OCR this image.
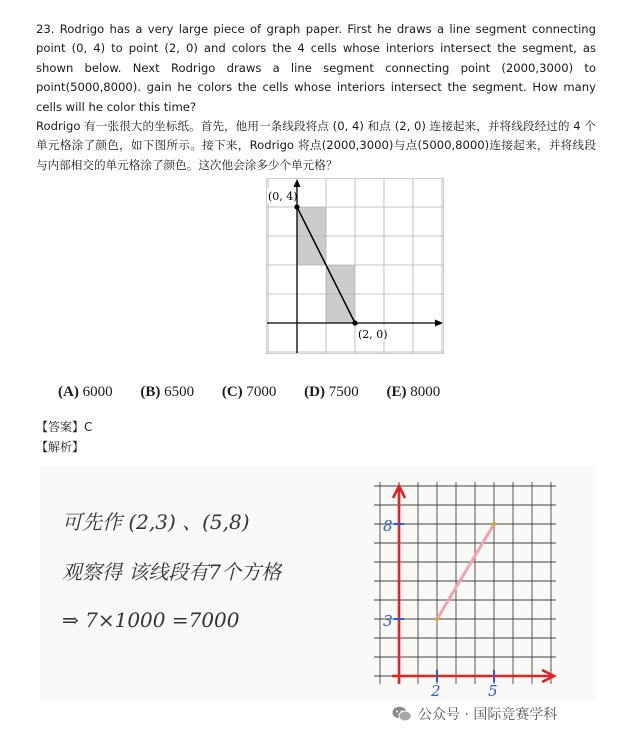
23. Rodrigo has a very large piece of graph paper. First he draws a line segment connecting point (0, 4) to point (2, 0) and colors the 4 cells whose interiors intersect the segment, as shown below. Next Rodrigo draws a line segment connecting point (2000,3000) to point(5000,8000). gain he colors the cells whose interiors intersect the segment. How many cells will he color this time?

Rodrigo 有一张很大的坐标纸。首先，他用一条线段将点 (0, 4) 和点 (2, 0) 连接起来，并将线段经过的 4 个单元格涂了颜色，如下图所示。接下来，Rodrigo 将点(2000,3000)与点(5000,8000)连接起来，并将线段与内部相交的单元格涂了颜色。这次他会涂多少个单元格？

(0, 4)
(2, 0)
(A) 6000 (B) 6500 (C) 7000 (D) 7500 (E) 8000
【答案】C
【解析】
可先作 (2,3) 、(5,8)
观察得 该线段有7个方格
⇒ 7×1000 =7000
8
3
2	5
公众号 · 国际竞赛学科
